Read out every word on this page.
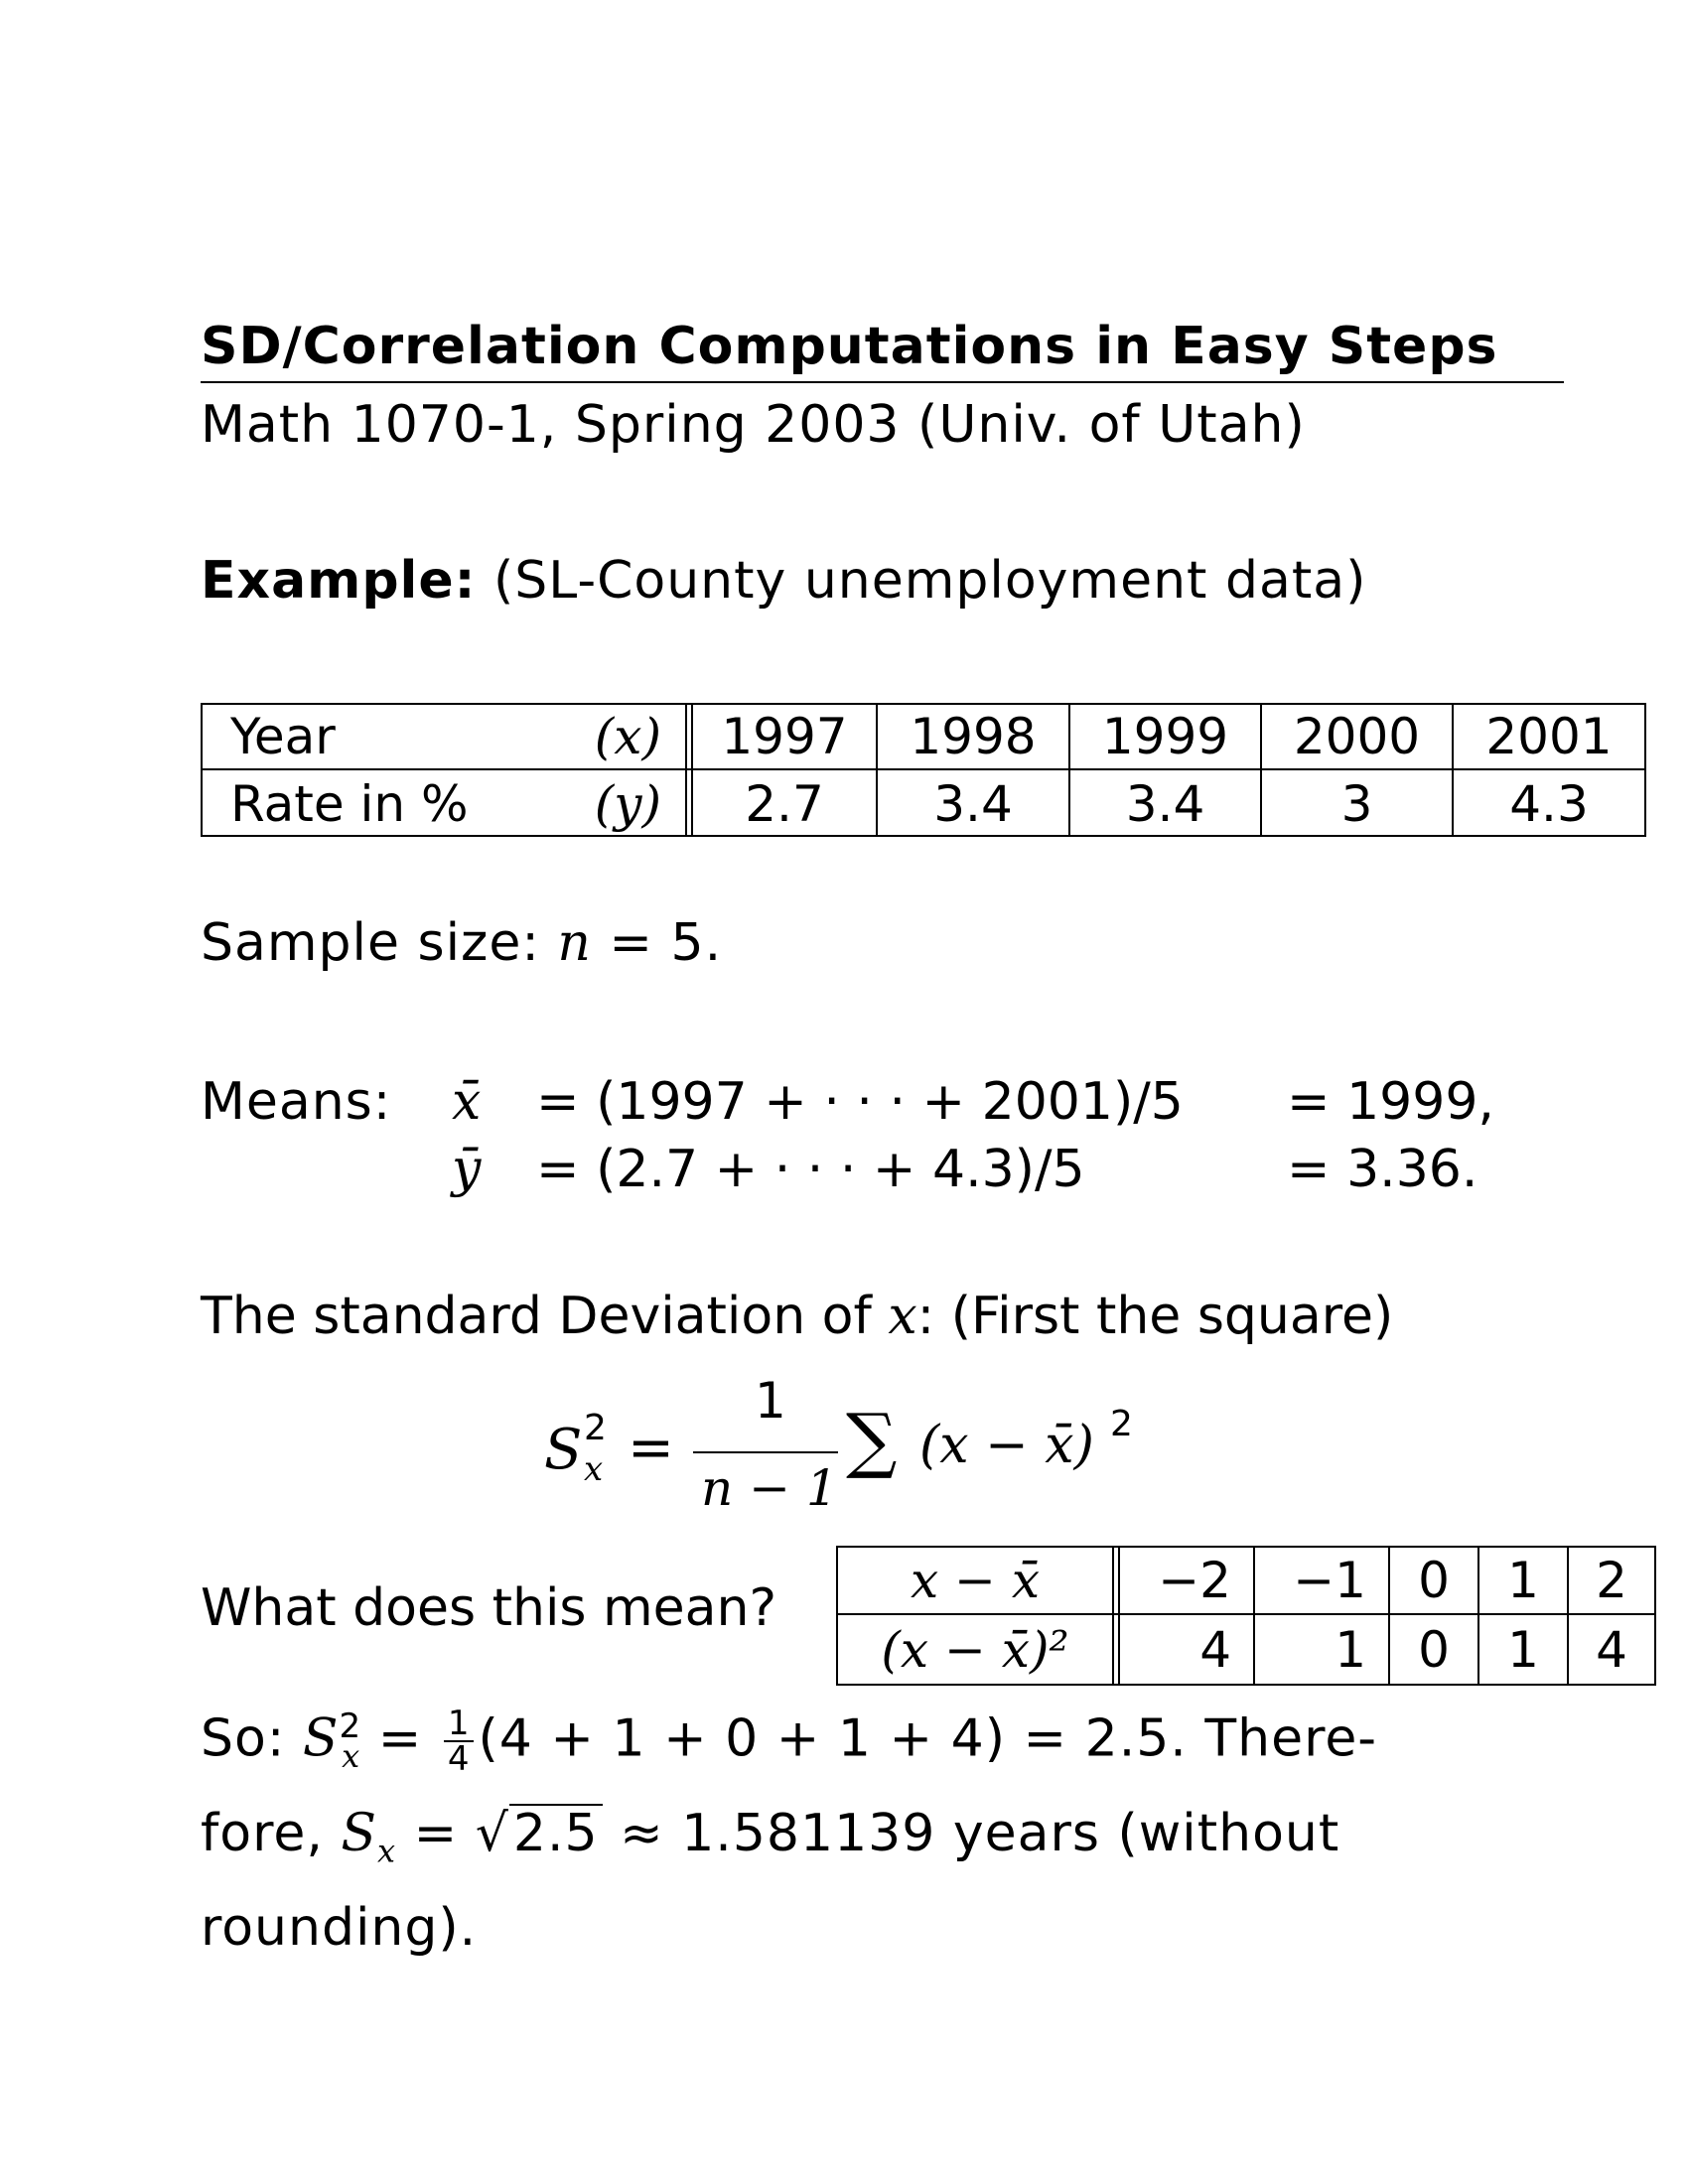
SD/Correlation Computations in Easy Steps
Math 1070-1, Spring 2003 (Univ. of Utah)
Example: (SL-County unemployment data)
Year	(x)	1997	1998	1999	2000	2001
Rate in %	(y)	2.7	3.4	3.4	3	4.3
Sample size: n = 5.
Means: x̄ = (1997 + · · · + 2001)/5 = 1999,
ȳ = (2.7 + · · · + 4.3)/5	= 3.36.
The standard Deviation of x: (First the square)
S 2
x =
1
n − 1
∑ (x − x̄) 2
What does this mean?	x − x̄	−2	−1	0	1	2
(x − x̄)²	4	1	0	1	4
So: $S^2_x = \frac{1}{4} (4 + 1 + 0 + 1 + 4) = 2.5$. There-
fore, $S_x = √2.5 \approx 1.581139$ years (without
rounding).
